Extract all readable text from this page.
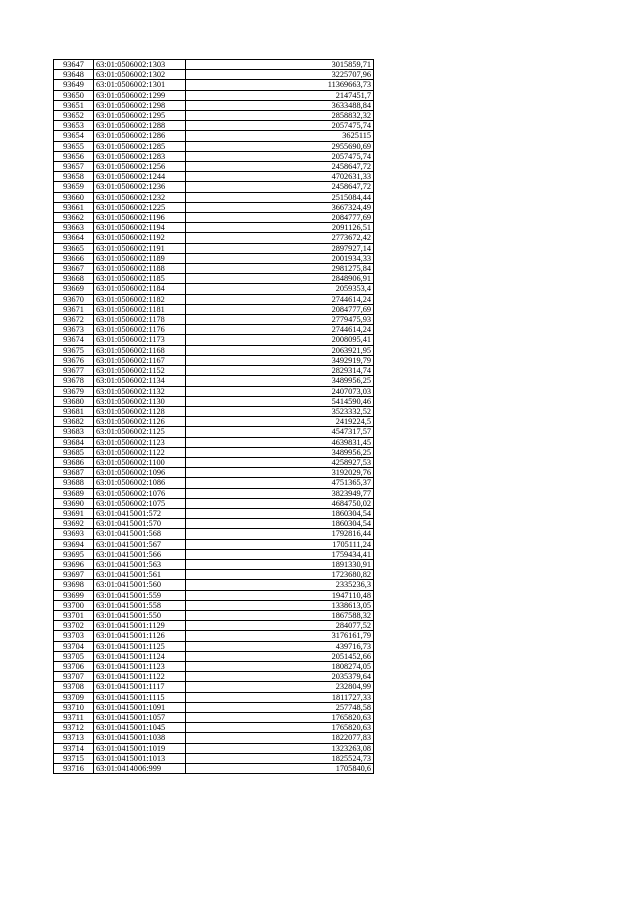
93647	63:01:0506002:1303	3015859,71
93648	63:01:0506002:1302	3225707,96
93649	63:01:0506002:1301	11369663,73
93650	63:01:0506002:1299	2147451,7
93651	63:01:0506002:1298	3633488,84
93652	63:01:0506002:1295	2858832,32
93653	63:01:0506002:1288	2057475,74
93654	63:01:0506002:1286	3625115
93655	63:01:0506002:1285	2955690,69
93656	63:01:0506002:1283	2057475,74
93657	63:01:0506002:1256	2458647,72
93658	63:01:0506002:1244	4702631,33
93659	63:01:0506002:1236	2458647,72
93660	63:01:0506002:1232	2515084,44
93661	63:01:0506002:1225	3667324,49
93662	63:01:0506002:1196	2084777,69
93663	63:01:0506002:1194	2091126,51
93664	63:01:0506002:1192	2773672,42
93665	63:01:0506002:1191	2897927,14
93666	63:01:0506002:1189	2001934,33
93667	63:01:0506002:1188	2981275,84
93668	63:01:0506002:1185	2848906,91
93669	63:01:0506002:1184	2059353,4
93670	63:01:0506002:1182	2744614,24
93671	63:01:0506002:1181	2084777,69
93672	63:01:0506002:1178	2779475,93
93673	63:01:0506002:1176	2744614,24
93674	63:01:0506002:1173	2008095,41
93675	63:01:0506002:1168	2063921,95
93676	63:01:0506002:1167	3492919,79
93677	63:01:0506002:1152	2829314,74
93678	63:01:0506002:1134	3489956,25
93679	63:01:0506002:1132	2407073,03
93680	63:01:0506002:1130	5414590,46
93681	63:01:0506002:1128	3523332,52
93682	63:01:0506002:1126	2419224,5
93683	63:01:0506002:1125	4547317,57
93684	63:01:0506002:1123	4639831,45
93685	63:01:0506002:1122	3489956,25
93686	63:01:0506002:1100	4258927,53
93687	63:01:0506002:1096	3192029,76
93688	63:01:0506002:1086	4751365,37
93689	63:01:0506002:1076	3823949,77
93690	63:01:0506002:1075	4684750,02
93691	63:01:0415001:572	1860304,54
93692	63:01:0415001:570	1860304,54
93693	63:01:0415001:568	1792816,44
93694	63:01:0415001:567	1705111,24
93695	63:01:0415001:566	1759434,41
93696	63:01:0415001:563	1891330,91
93697	63:01:0415001:561	1723680,82
93698	63:01:0415001:560	2335236,3
93699	63:01:0415001:559	1947110,48
93700	63:01:0415001:558	1338613,05
93701	63:01:0415001:550	1867588,32
93702	63:01:0415001:1129	284077,52
93703	63:01:0415001:1126	3176161,79
93704	63:01:0415001:1125	439716,73
93705	63:01:0415001:1124	2051452,66
93706	63:01:0415001:1123	1808274,05
93707	63:01:0415001:1122	2035379,64
93708	63:01:0415001:1117	232804,99
93709	63:01:0415001:1115	1811727,33
93710	63:01:0415001:1091	257748,58
93711	63:01:0415001:1057	1765820,63
93712	63:01:0415001:1045	1765820,63
93713	63:01:0415001:1038	1822077,83
93714	63:01:0415001:1019	1323263,08
93715	63:01:0415001:1013	1825524,73
93716	63:01:0414006:999	1705840,6
